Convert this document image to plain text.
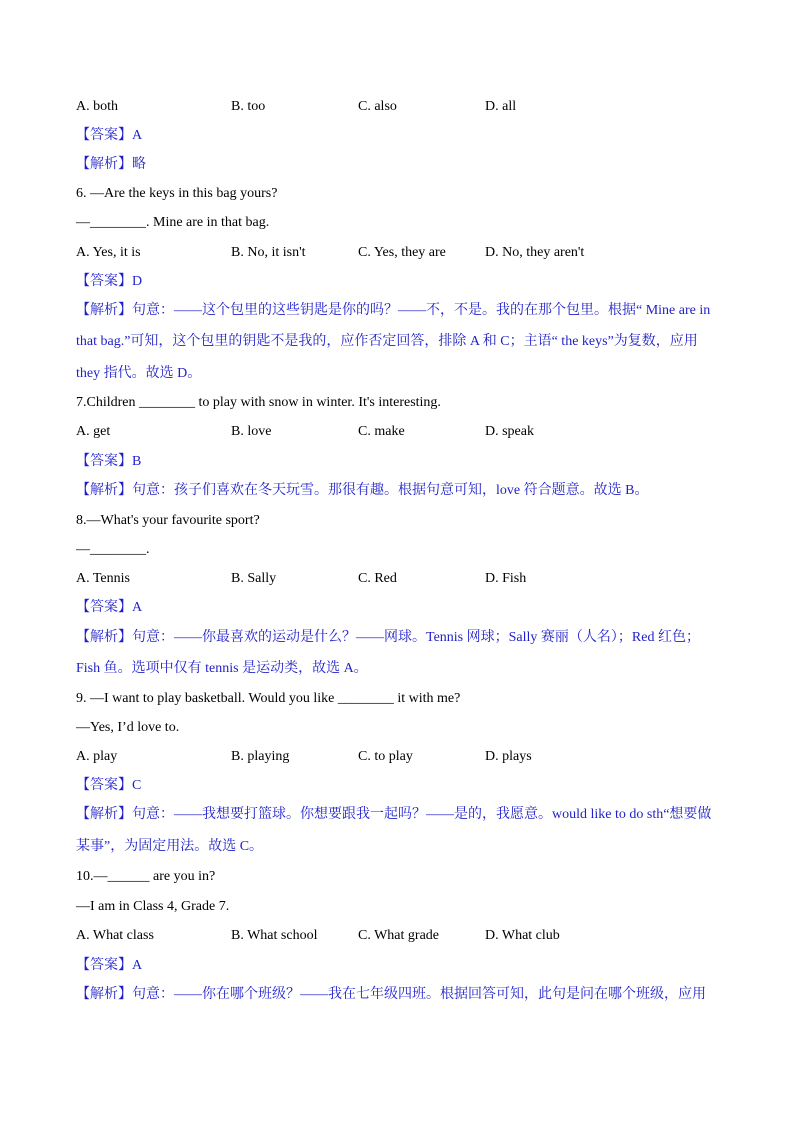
A. both	B. too	C. also	D. all
【答案】A
【解析】略
6. —Are the keys in this bag yours?
—________. Mine are in that bag.
A. Yes, it is	B. No, it isn't	C. Yes, they are	D. No, they aren't
【答案】D
【解析】句意：——这个包里的这些钥匙是你的吗？——不，不是。我的在那个包里。根据“ Mine are in
that bag.”可知，这个包里的钥匙不是我的，应作否定回答，排除 A 和 C；主语“ the keys”为复数，应用
they 指代。故选 D。
7.Children ________ to play with snow in winter. It's interesting.
A. get	B. love	C. make	D. speak
【答案】B
【解析】句意：孩子们喜欢在冬天玩雪。那很有趣。根据句意可知，love 符合题意。故选 B。
8.—What's your favourite sport?
—________.
A. Tennis	B. Sally	C. Red	D. Fish
【答案】A
【解析】句意：——你最喜欢的运动是什么？——网球。Tennis 网球；Sally 赛丽（人名）；Red 红色；
Fish 鱼。选项中仅有 tennis 是运动类，故选 A。
9. —I want to play basketball. Would you like ________ it with me?
—Yes, I’d love to.
A. play	B. playing	C. to play	D. plays
【答案】C
【解析】句意：——我想要打篮球。你想要跟我一起吗？——是的，我愿意。would like to do sth“想要做
某事”，为固定用法。故选 C。
10.—______ are you in?
—I am in Class 4, Grade 7.
A. What class	B. What school	C. What grade	D. What club
【答案】A
【解析】句意：——你在哪个班级？——我在七年级四班。根据回答可知，此句是问在哪个班级，应用
